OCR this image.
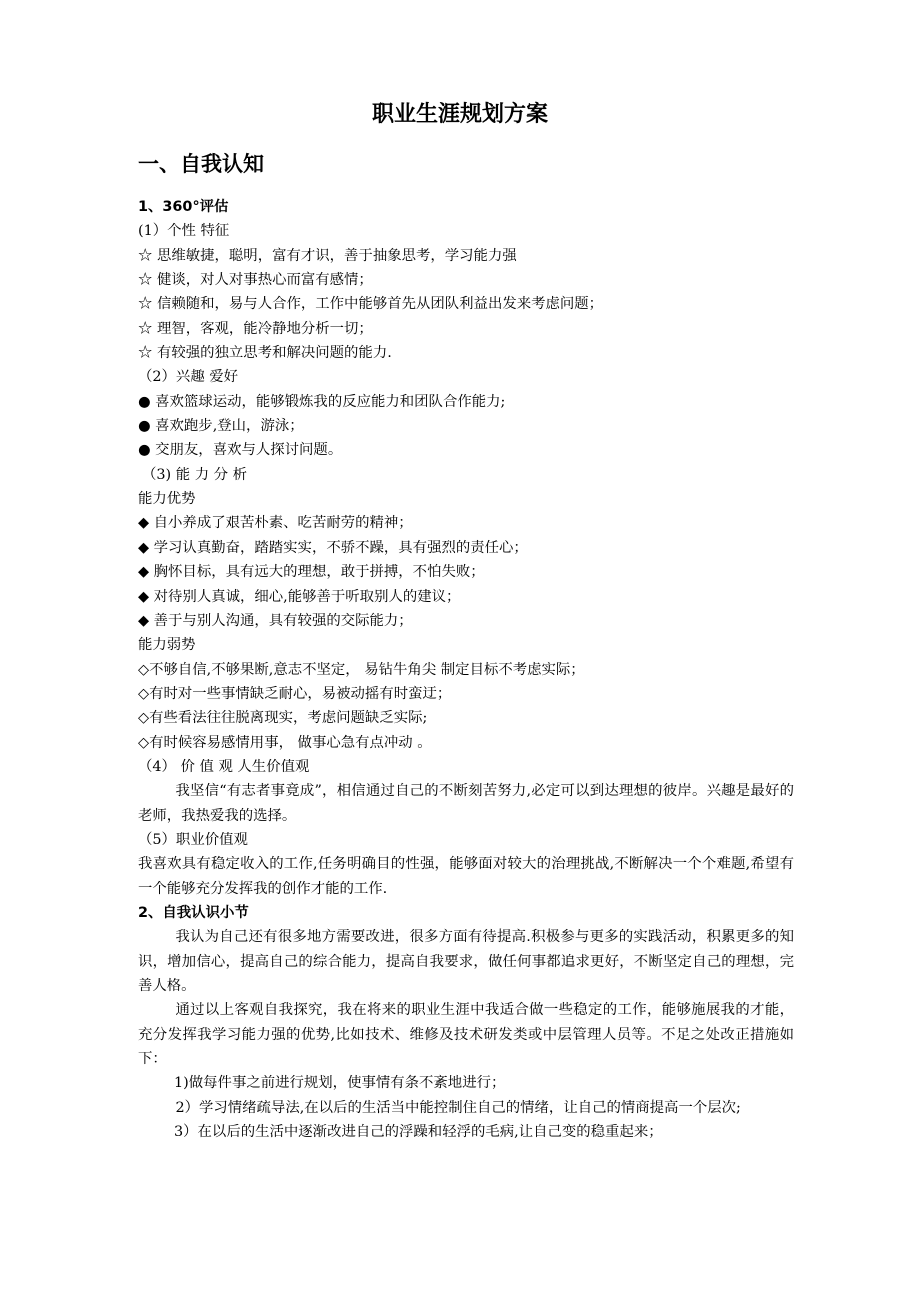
职业生涯规划方案
一、自我认知

1、360°评估

(1）个性 特征

☆ 思维敏捷，聪明，富有才识，善于抽象思考，学习能力强

☆ 健谈，对人对事热心而富有感情；

☆ 信赖随和，易与人合作，工作中能够首先从团队利益出发来考虑问题；

☆ 理智，客观，能冷静地分析一切；

☆ 有较强的独立思考和解决问题的能力.

（2）兴趣 爱好

● 喜欢篮球运动，能够锻炼我的反应能力和团队合作能力;

● 喜欢跑步,登山，游泳；

● 交朋友，喜欢与人探讨问题。

（3) 能 力 分 析

能力优势

◆ 自小养成了艰苦朴素、吃苦耐劳的精神；

◆ 学习认真勤奋，踏踏实实，不骄不躁，具有强烈的责任心；

◆ 胸怀目标，具有远大的理想，敢于拼搏，不怕失败；

◆ 对待别人真诚，细心,能够善于听取别人的建议；

◆ 善于与别人沟通，具有较强的交际能力；

能力弱势

◇不够自信,不够果断,意志不坚定， 易钻牛角尖 制定目标不考虑实际；

◇有时对一些事情缺乏耐心，易被动摇有时蛮迂；

◇有些看法往往脱离现实，考虑问题缺乏实际;

◇有时候容易感情用事， 做事心急有点冲动 。

（4） 价 值 观 人生价值观

我坚信“有志者事竟成”，相信通过自己的不断刻苦努力,必定可以到达理想的彼岸。兴趣是最好的老师，我热爱我的选择。

（5）职业价值观

我喜欢具有稳定收入的工作,任务明确目的性强，能够面对较大的治理挑战,不断解决一个个难题,希望有一个能够充分发挥我的创作才能的工作.

2、自我认识小节

我认为自己还有很多地方需要改进，很多方面有待提高.积极参与更多的实践活动，积累更多的知识，增加信心，提高自己的综合能力，提高自我要求，做任何事都追求更好，不断坚定自己的理想，完善人格。

通过以上客观自我探究，我在将来的职业生涯中我适合做一些稳定的工作，能够施展我的才能，充分发挥我学习能力强的优势,比如技术、维修及技术研发类或中层管理人员等。不足之处改正措施如下：

1)做每件事之前进行规划，使事情有条不紊地进行；

2）学习情绪疏导法,在以后的生活当中能控制住自己的情绪，让自己的情商提高一个层次;

3）在以后的生活中逐渐改进自己的浮躁和轻浮的毛病,让自己变的稳重起来；
